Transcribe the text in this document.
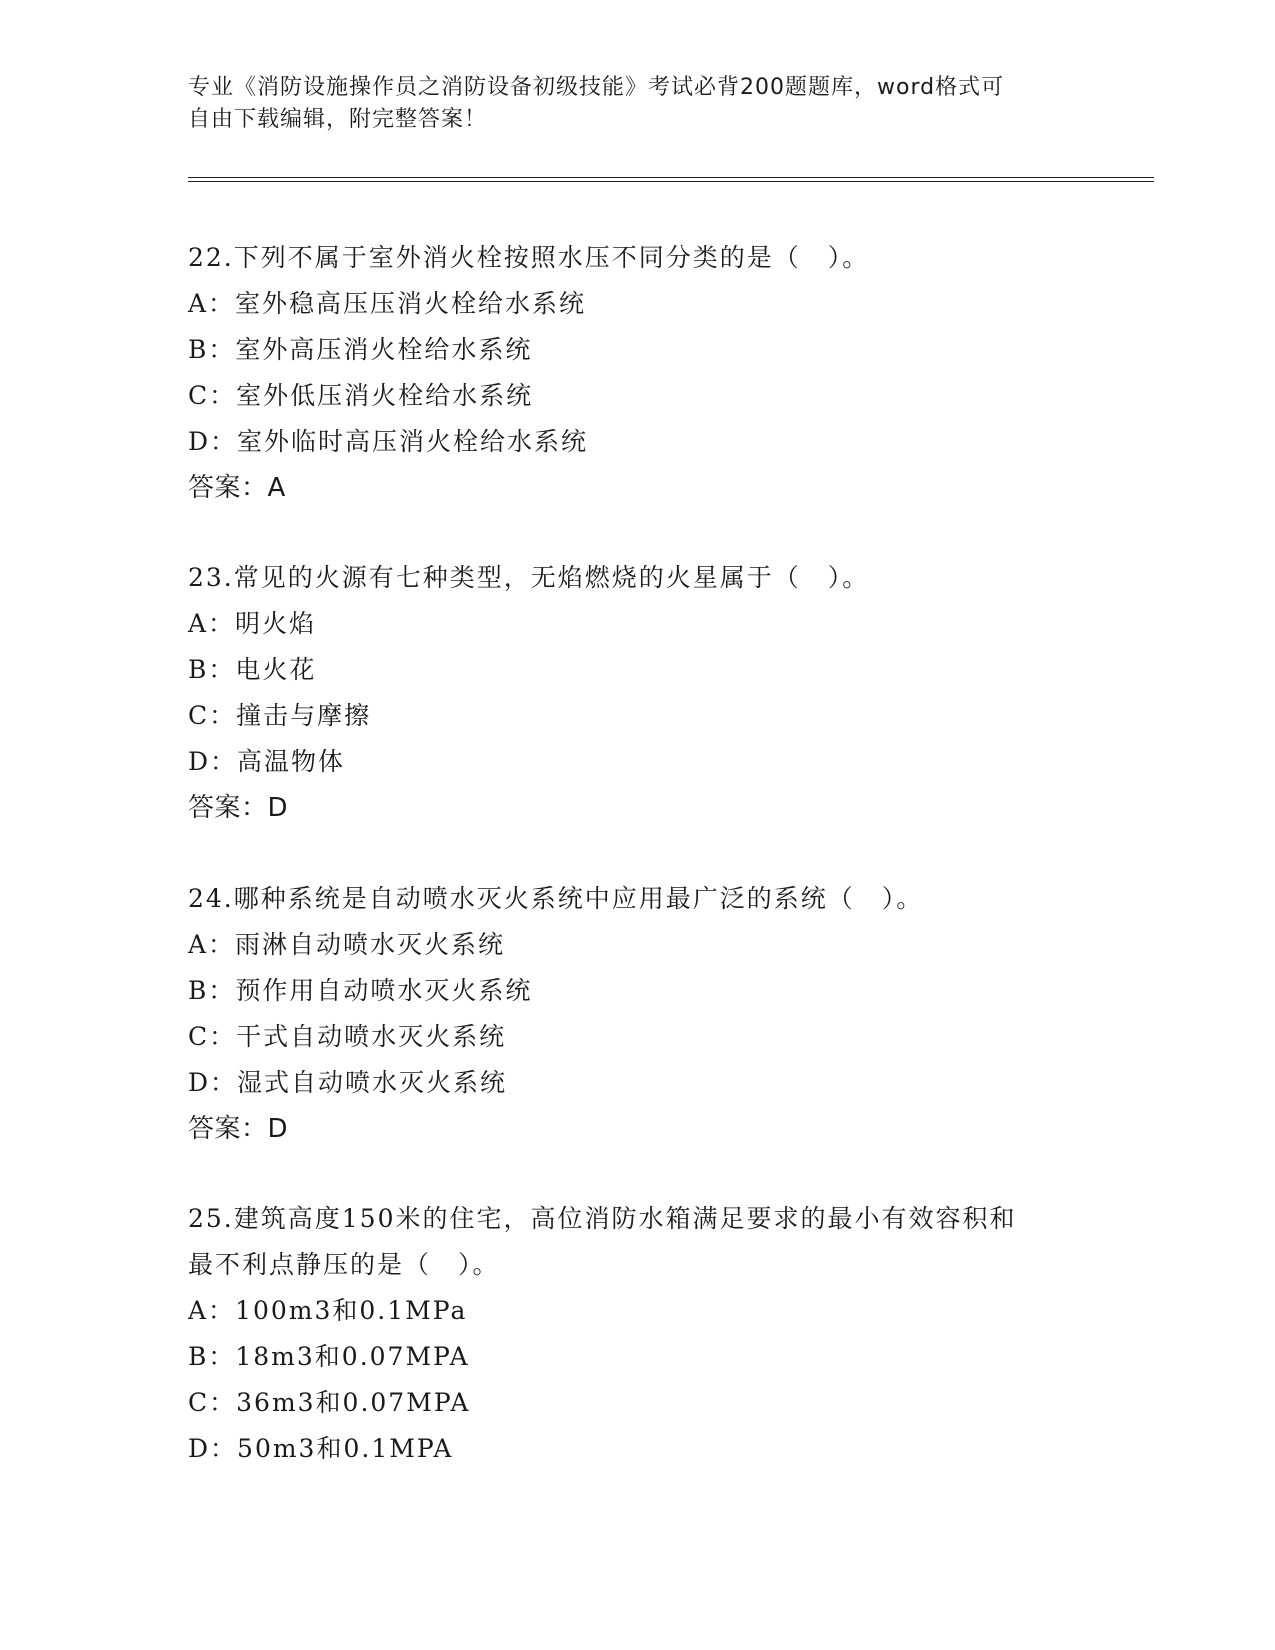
专业《消防设施操作员之消防设备初级技能》考试必背200题题库，word格式可

自由下载编辑，附完整答案！

22.下列不属于室外消火栓按照水压不同分类的是（　）。
A：室外稳高压压消火栓给水系统
B：室外高压消火栓给水系统
C：室外低压消火栓给水系统
D：室外临时高压消火栓给水系统
答案：A
23.常见的火源有七种类型，无焰燃烧的火星属于（　）。
A：明火焰
B：电火花
C：撞击与摩擦
D：高温物体
答案：D
24.哪种系统是自动喷水灭火系统中应用最广泛的系统（　）。
A：雨淋自动喷水灭火系统
B：预作用自动喷水灭火系统
C：干式自动喷水灭火系统
D：湿式自动喷水灭火系统
答案：D
25.建筑高度150米的住宅，高位消防水箱满足要求的最小有效容积和
最不利点静压的是（　）。
A：100m3和0.1MPa
B：18m3和0.07MPA
C：36m3和0.07MPA
D：50m3和0.1MPA
